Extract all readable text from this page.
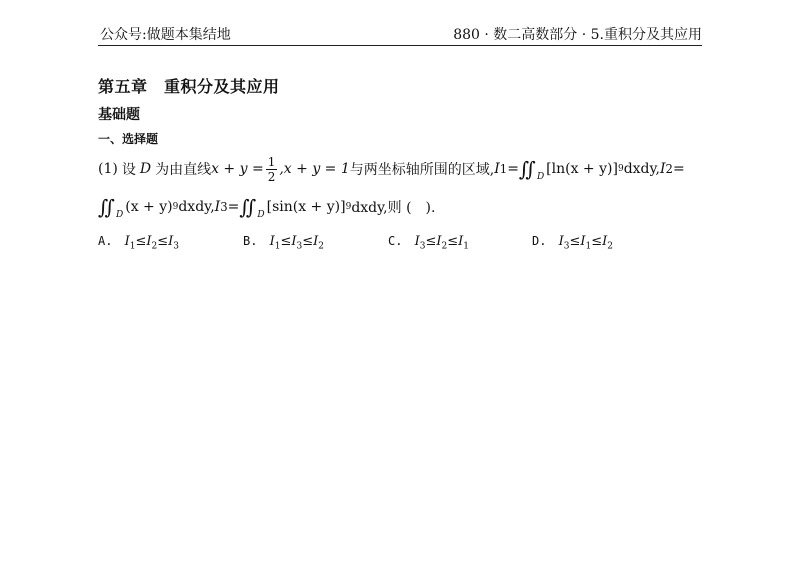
公众号:做题本集结地	880 · 数二高数部分 · 5.重积分及其应用
第五章　重积分及其应用
基础题
一、选择题
(1) 设 D 为由直线 $x + y = \frac{1}{2} ,x + y = 1$ 与两坐标轴所围的区域, I 1 = ∬ D [ln(x + y)] 9 dxdy, I 2 =
∬ D (x + y) 9 dxdy, I 3 = ∬ D [sin(x + y)] 9 dxdy,则 (　).
A. $I_1\le I_2\le I_3$	B. $I_1\le I_3\le I_2$	C. $I_3\le I_2\le I_1$	D. $I_3\le I_1\le I_2$
